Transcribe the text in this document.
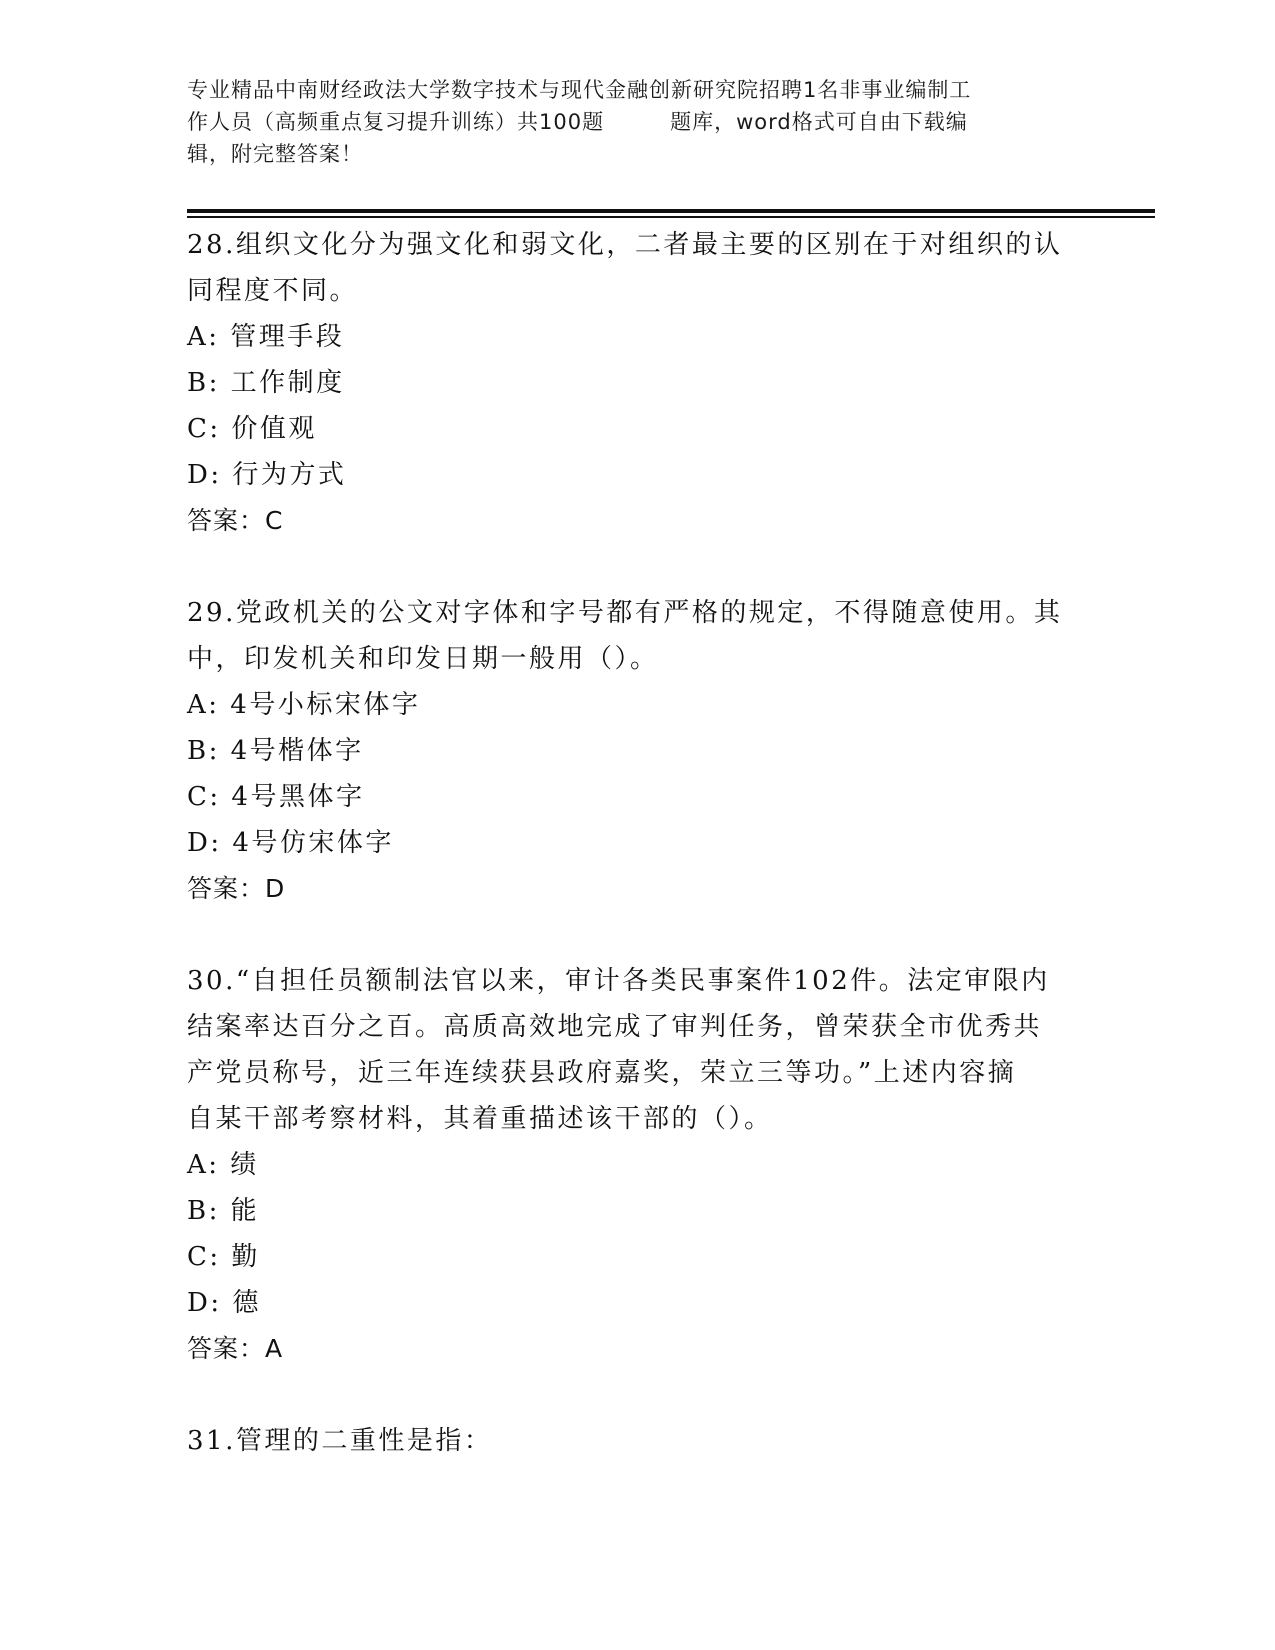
专业精品中南财经政法大学数字技术与现代金融创新研究院招聘1名非事业编制工
作人员（高频重点复习提升训练）共100题　　　题库，word格式可自由下载编
辑，附完整答案！
28.组织文化分为强文化和弱文化，二者最主要的区别在于对组织的认
同程度不同。
A: 管理手段
B: 工作制度
C: 价值观
D: 行为方式
答案：C
29.党政机关的公文对字体和字号都有严格的规定，不得随意使用。其
中，印发机关和印发日期一般用（）。
A: 4号小标宋体字
B: 4号楷体字
C: 4号黑体字
D: 4号仿宋体字
答案：D
30.“自担任员额制法官以来，审计各类民事案件102件。法定审限内
结案率达百分之百。高质高效地完成了审判任务，曾荣获全市优秀共
产党员称号，近三年连续获县政府嘉奖，荣立三等功。”上述内容摘
自某干部考察材料，其着重描述该干部的（）。
A: 绩
B: 能
C: 勤
D: 德
答案：A
31.管理的二重性是指：
